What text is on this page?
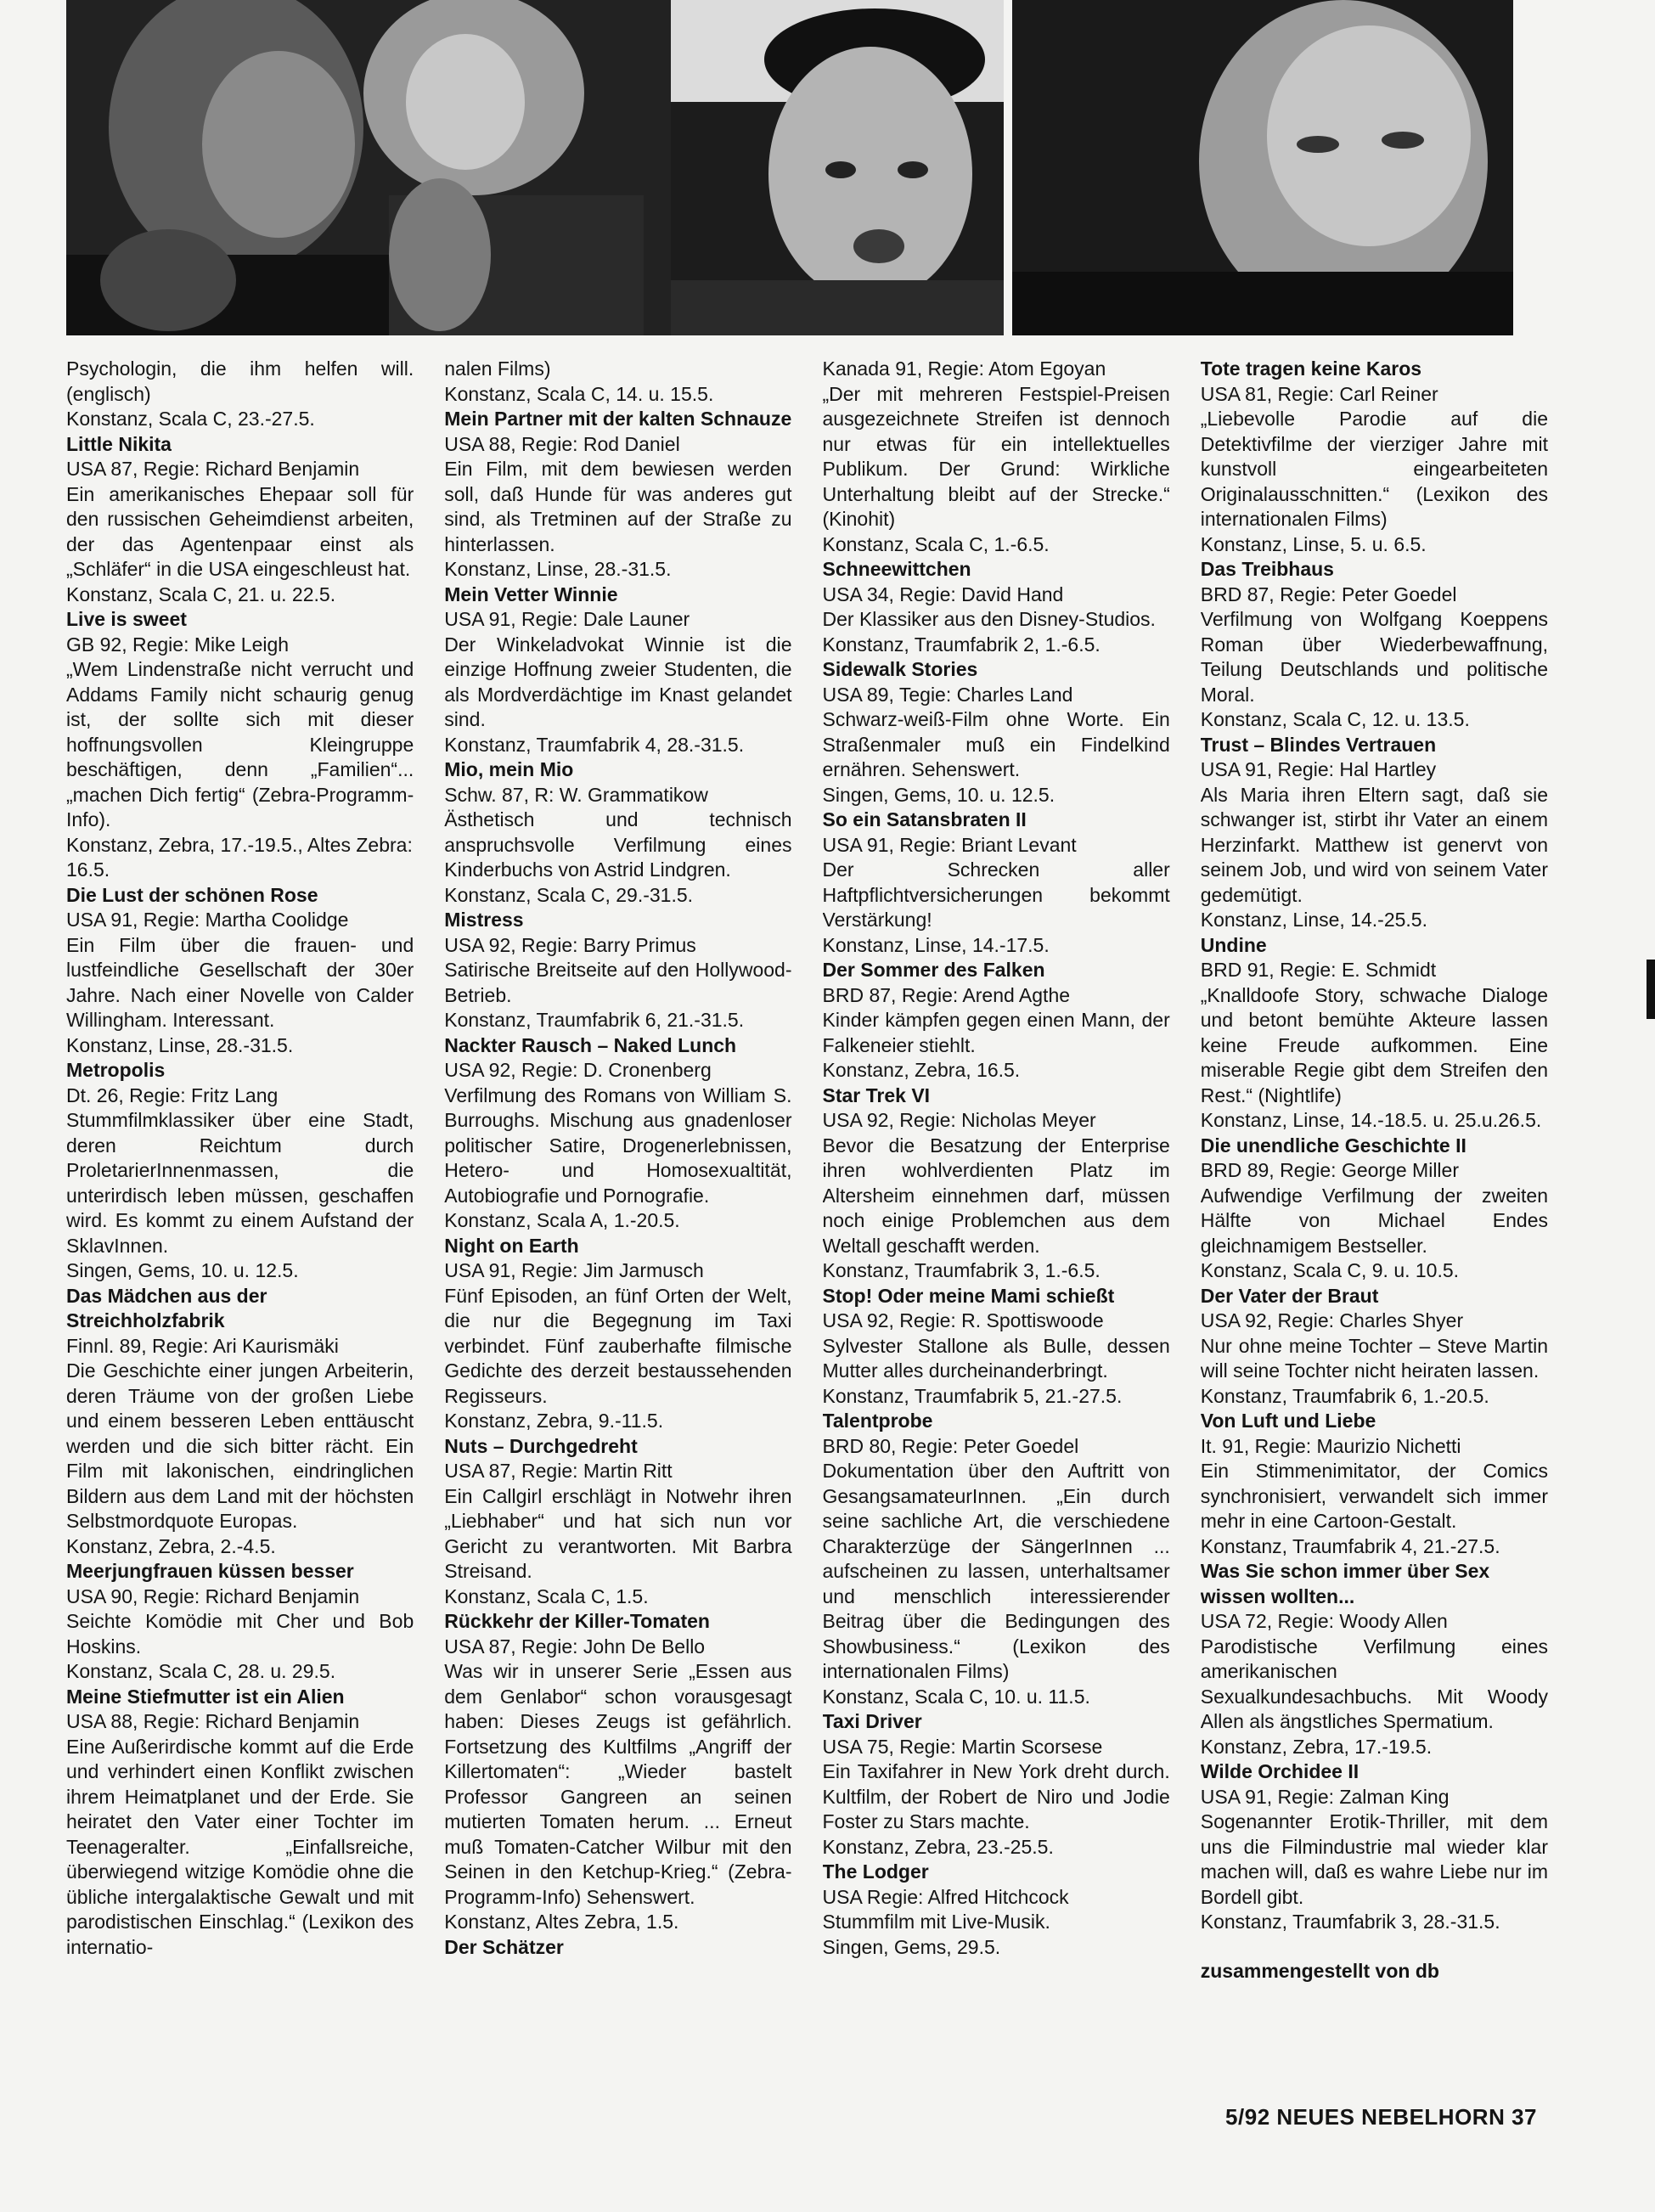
Psychologin, die ihm helfen will. (englisch)

Konstanz, Scala C, 23.-27.5.

Little Nikita

USA 87, Regie: Richard Benjamin

Ein amerikanisches Ehepaar soll für den russischen Geheimdienst arbeiten, der das Agentenpaar einst als „Schläfer“ in die USA eingeschleust hat.

Konstanz, Scala C, 21. u. 22.5.

Live is sweet

GB 92, Regie: Mike Leigh

„Wem Lindenstraße nicht verrucht und Addams Family nicht schaurig genug ist, der sollte sich mit dieser hoffnungsvollen Kleingruppe beschäftigen, denn „Familien“... „machen Dich fertig“ (Zebra-Programm-Info).

Konstanz, Zebra, 17.-19.5., Altes Zebra: 16.5.

Die Lust der schönen Rose

USA 91, Regie: Martha Coolidge

Ein Film über die frauen- und lustfeindliche Gesellschaft der 30er Jahre. Nach einer Novelle von Calder Willingham. Interessant.

Konstanz, Linse, 28.-31.5.

Metropolis

Dt. 26, Regie: Fritz Lang

Stummfilmklassiker über eine Stadt, deren Reichtum durch ProletarierInnenmassen, die unterirdisch leben müssen, geschaffen wird. Es kommt zu einem Aufstand der SklavInnen.

Singen, Gems, 10. u. 12.5.

Das Mädchen aus der Streichholzfabrik

Finnl. 89, Regie: Ari Kaurismäki

Die Geschichte einer jungen Arbeiterin, deren Träume von der großen Liebe und einem besseren Leben enttäuscht werden und die sich bitter rächt. Ein Film mit lakonischen, eindringlichen Bildern aus dem Land mit der höchsten Selbstmordquote Europas.

Konstanz, Zebra, 2.-4.5.

Meerjungfrauen küssen besser

USA 90, Regie: Richard Benjamin

Seichte Komödie mit Cher und Bob Hoskins.

Konstanz, Scala C, 28. u. 29.5.

Meine Stiefmutter ist ein Alien

USA 88, Regie: Richard Benjamin

Eine Außerirdische kommt auf die Erde und verhindert einen Konflikt zwischen ihrem Heimatplanet und der Erde. Sie heiratet den Vater einer Tochter im Teenageralter. „Einfallsreiche, überwiegend witzige Komödie ohne die übliche intergalaktische Gewalt und mit parodistischen Einschlag.“ (Lexikon des internatio-

nalen Films)

Konstanz, Scala C, 14. u. 15.5.

Mein Partner mit der kalten Schnauze

USA 88, Regie: Rod Daniel

Ein Film, mit dem bewiesen werden soll, daß Hunde für was anderes gut sind, als Tretminen auf der Straße zu hinterlassen.

Konstanz, Linse, 28.-31.5.

Mein Vetter Winnie

USA 91, Regie: Dale Launer

Der Winkeladvokat Winnie ist die einzige Hoffnung zweier Studenten, die als Mordverdächtige im Knast gelandet sind.

Konstanz, Traumfabrik 4, 28.-31.5.

Mio, mein Mio

Schw. 87, R: W. Grammatikow

Ästhetisch und technisch anspruchsvolle Verfilmung eines Kinderbuchs von Astrid Lindgren.

Konstanz, Scala C, 29.-31.5.

Mistress

USA 92, Regie: Barry Primus

Satirische Breitseite auf den Hollywood-Betrieb.

Konstanz, Traumfabrik 6, 21.-31.5.

Nackter Rausch – Naked Lunch

USA 92, Regie: D. Cronenberg

Verfilmung des Romans von William S. Burroughs. Mischung aus gnadenloser politischer Satire, Drogenerlebnissen, Hetero- und Homosexualtität, Autobiografie und Pornografie.

Konstanz, Scala A, 1.-20.5.

Night on Earth

USA 91, Regie: Jim Jarmusch

Fünf Episoden, an fünf Orten der Welt, die nur die Begegnung im Taxi verbindet. Fünf zauberhafte filmische Gedichte des derzeit bestaussehenden Regisseurs.

Konstanz, Zebra, 9.-11.5.

Nuts – Durchgedreht

USA 87, Regie: Martin Ritt

Ein Callgirl erschlägt in Notwehr ihren „Liebhaber“ und hat sich nun vor Gericht zu verantworten. Mit Barbra Streisand.

Konstanz, Scala C, 1.5.

Rückkehr der Killer-Tomaten

USA 87, Regie: John De Bello

Was wir in unserer Serie „Essen aus dem Genlabor“ schon vorausgesagt haben: Dieses Zeugs ist gefährlich. Fortsetzung des Kultfilms „Angriff der Killertomaten“: „Wieder bastelt Professor Gangreen an seinen mutierten Tomaten herum. ... Erneut muß Tomaten-Catcher Wilbur mit den Seinen in den Ketchup-Krieg.“ (Zebra-Programm-Info) Sehenswert.

Konstanz, Altes Zebra, 1.5.

Der Schätzer

Kanada 91, Regie: Atom Egoyan

„Der mit mehreren Festspiel-Preisen ausgezeichnete Streifen ist dennoch nur etwas für ein intellektuelles Publikum. Der Grund: Wirkliche Unterhaltung bleibt auf der Strecke.“ (Kinohit)

Konstanz, Scala C, 1.-6.5.

Schneewittchen

USA 34, Regie: David Hand

Der Klassiker aus den Disney-Studios.

Konstanz, Traumfabrik 2, 1.-6.5.

Sidewalk Stories

USA 89, Tegie: Charles Land

Schwarz-weiß-Film ohne Worte. Ein Straßenmaler muß ein Findelkind ernähren. Sehenswert.

Singen, Gems, 10. u. 12.5.

So ein Satansbraten II

USA 91, Regie: Briant Levant

Der Schrecken aller Haftpflichtversicherungen bekommt Verstärkung!

Konstanz, Linse, 14.-17.5.

Der Sommer des Falken

BRD 87, Regie: Arend Agthe

Kinder kämpfen gegen einen Mann, der Falkeneier stiehlt.

Konstanz, Zebra, 16.5.

Star Trek VI

USA 92, Regie: Nicholas Meyer

Bevor die Besatzung der Enterprise ihren wohlverdienten Platz im Altersheim einnehmen darf, müssen noch einige Problemchen aus dem Weltall geschafft werden.

Konstanz, Traumfabrik 3, 1.-6.5.

Stop! Oder meine Mami schießt

USA 92, Regie: R. Spottiswoode

Sylvester Stallone als Bulle, dessen Mutter alles durcheinanderbringt.

Konstanz, Traumfabrik 5, 21.-27.5.

Talentprobe

BRD 80, Regie: Peter Goedel

Dokumentation über den Auftritt von GesangsamateurInnen. „Ein durch seine sachliche Art, die verschiedene Charakterzüge der SängerInnen ... aufscheinen zu lassen, unterhaltsamer und menschlich interessierender Beitrag über die Bedingungen des Showbusiness.“ (Lexikon des internationalen Films)

Konstanz, Scala C, 10. u. 11.5.

Taxi Driver

USA 75, Regie: Martin Scorsese

Ein Taxifahrer in New York dreht durch. Kultfilm, der Robert de Niro und Jodie Foster zu Stars machte.

Konstanz, Zebra, 23.-25.5.

The Lodger

USA Regie: Alfred Hitchcock

Stummfilm mit Live-Musik.

Singen, Gems, 29.5.

Tote tragen keine Karos

USA 81, Regie: Carl Reiner

„Liebevolle Parodie auf die Detektivfilme der vierziger Jahre mit kunstvoll eingearbeiteten Originalausschnitten.“ (Lexikon des internationalen Films)

Konstanz, Linse, 5. u. 6.5.

Das Treibhaus

BRD 87, Regie: Peter Goedel

Verfilmung von Wolfgang Koeppens Roman über Wiederbewaffnung, Teilung Deutschlands und politische Moral.

Konstanz, Scala C, 12. u. 13.5.

Trust – Blindes Vertrauen

USA 91, Regie: Hal Hartley

Als Maria ihren Eltern sagt, daß sie schwanger ist, stirbt ihr Vater an einem Herzinfarkt. Matthew ist genervt von seinem Job, und wird von seinem Vater gedemütigt.

Konstanz, Linse, 14.-25.5.

Undine

BRD 91, Regie: E. Schmidt

„Knalldoofe Story, schwache Dialoge und betont bemühte Akteure lassen keine Freude aufkommen. Eine miserable Regie gibt dem Streifen den Rest.“ (Nightlife)

Konstanz, Linse, 14.-18.5. u. 25.u.26.5.

Die unendliche Geschichte II

BRD 89, Regie: George Miller

Aufwendige Verfilmung der zweiten Hälfte von Michael Endes gleichnamigem Bestseller.

Konstanz, Scala C, 9. u. 10.5.

Der Vater der Braut

USA 92, Regie: Charles Shyer

Nur ohne meine Tochter – Steve Martin will seine Tochter nicht heiraten lassen.

Konstanz, Traumfabrik 6, 1.-20.5.

Von Luft und Liebe

It. 91, Regie: Maurizio Nichetti

Ein Stimmenimitator, der Comics synchronisiert, verwandelt sich immer mehr in eine Cartoon-Gestalt.

Konstanz, Traumfabrik 4, 21.-27.5.

Was Sie schon immer über Sex wissen wollten...

USA 72, Regie: Woody Allen

Parodistische Verfilmung eines amerikanischen Sexualkundesachbuchs. Mit Woody Allen als ängstliches Spermatium.

Konstanz, Zebra, 17.-19.5.

Wilde Orchidee II

USA 91, Regie: Zalman King

Sogenannter Erotik-Thriller, mit dem uns die Filmindustrie mal wieder klar machen will, daß es wahre Liebe nur im Bordell gibt.

Konstanz, Traumfabrik 3, 28.-31.5.

zusammengestellt von db

5/92 NEUES NEBELHORN 37
